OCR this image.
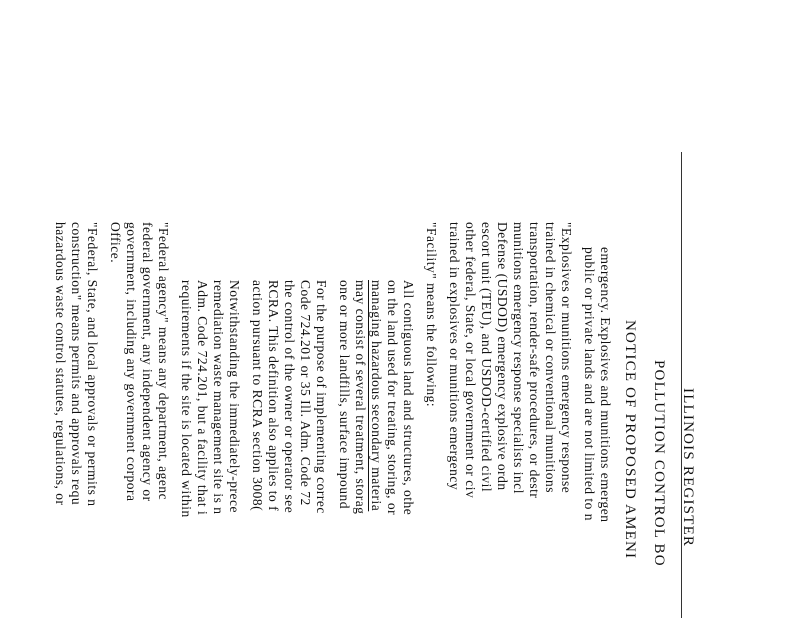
ILLINOIS REGISTER
POLLUTION CONTROL BO
NOTICE OF PROPOSED AMENI
emergency. Explosives and munitions emergen
public or private lands and are not limited to n
"Explosives or munitions emergency response
trained in chemical or conventional munitions
transportation, render-safe procedures, or destr
munitions emergency response specialists incl
Defense (USDOD) emergency explosive ordn
escort unit (TEU), and USDOD-certified civil
other federal, State, or local government or civ
trained in explosives or munitions emergency
"Facility" means the following:
All contiguous land and structures, othe
on the land used for treating, storing, or
managing hazardous secondary materia
may consist of several treatment, storag
one or more landfills, surface impound
For the purpose of implementing correc
Code 724.201 or 35 Ill. Adm. Code 72
the control of the owner or operator see
RCRA. This definition also applies to f
action pursuant to RCRA section 3008(
Notwithstanding the immediately-prece
remediation waste management site is n
Adm. Code 724.201, but a facility that i
requirements if the site is located within
"Federal agency" means any department, agenc
federal government, any independent agency or
government, including any government corpora
Office.
"Federal, State, and local approvals or permits n
construction" means permits and approvals requ
hazardous waste control statutes, regulations, or
